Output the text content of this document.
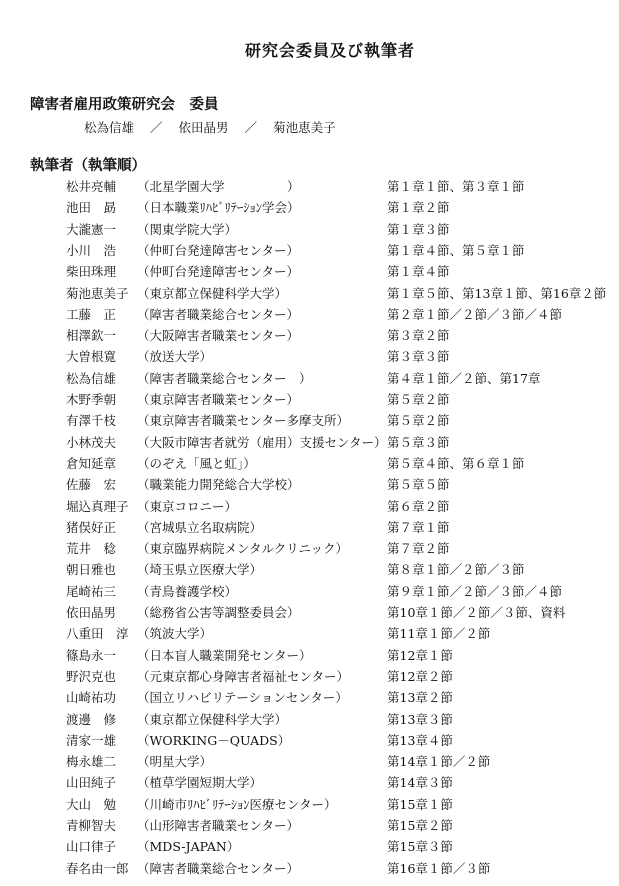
研究会委員及び執筆者
障害者雇用政策研究会　委員
松為信雄	／	依田晶男	／	菊池恵美子
執筆者（執筆順）
松井亮輔 （北星学園大学　　　　　）	第１章１節、第３章１節
池田　勗 （日本職業ﾘﾊﾋﾞﾘﾃｰｼｮﾝ学会）	第１章２節
大瀧憲一 （関東学院大学）	第１章３節
小川　浩 （仲町台発達障害センター）	第１章４節、第５章１節
柴田珠理 （仲町台発達障害センター）	第１章４節
菊池恵美子 （東京都立保健科学大学）	第１章５節、第13章１節、第16章２節
工藤　正 （障害者職業総合センター）	第２章１節／２節／３節／４節
相澤欽一 （大阪障害者職業センター）	第３章２節
大曽根寛 （放送大学）	第３章３節
松為信雄 （障害者職業総合センター　）	第４章１節／２節、第17章
木野季朝 （東京障害者職業センター）	第５章２節
有澤千枝 （東京障害者職業センター多摩支所）	第５章２節
小林茂夫 （大阪市障害者就労（雇用）支援センター） 第５章３節
倉知延章 （のぞえ「風と虹」）	第５章４節、第６章１節
佐藤　宏 （職業能力開発総合大学校）	第５章５節
堀込真理子 （東京コロニー）	第６章２節
猪俣好正 （宮城県立名取病院）	第７章１節
荒井　稔 （東京臨界病院メンタルクリニック）	第７章２節
朝日雅也 （埼玉県立医療大学）	第８章１節／２節／３節
尾崎祐三 （青鳥養護学校）	第９章１節／２節／３節／４節
依田晶男 （総務省公害等調整委員会）	第10章１節／２節／３節、資料
八重田　淳 （筑波大学）	第11章１節／２節
篠島永一 （日本盲人職業開発センター）	第12章１節
野沢克也 （元東京都心身障害者福祉センター）	第12章２節
山崎祐功 （国立リハビリテーションセンター）	第13章２節
渡邊　修 （東京都立保健科学大学）	第13章３節
清家一雄 （WORKING－QUADS）	第13章４節
梅永雄二 （明星大学）	第14章１節／２節
山田純子 （植草学園短期大学）	第14章３節
大山　勉 （川崎市ﾘﾊﾋﾞﾘﾃｰｼｮﾝ医療センター）	第15章１節
青柳智夫 （山形障害者職業センター）	第15章２節
山口律子 （MDS-JAPAN）	第15章３節
春名由一郎 （障害者職業総合センター）	第16章１節／３節
